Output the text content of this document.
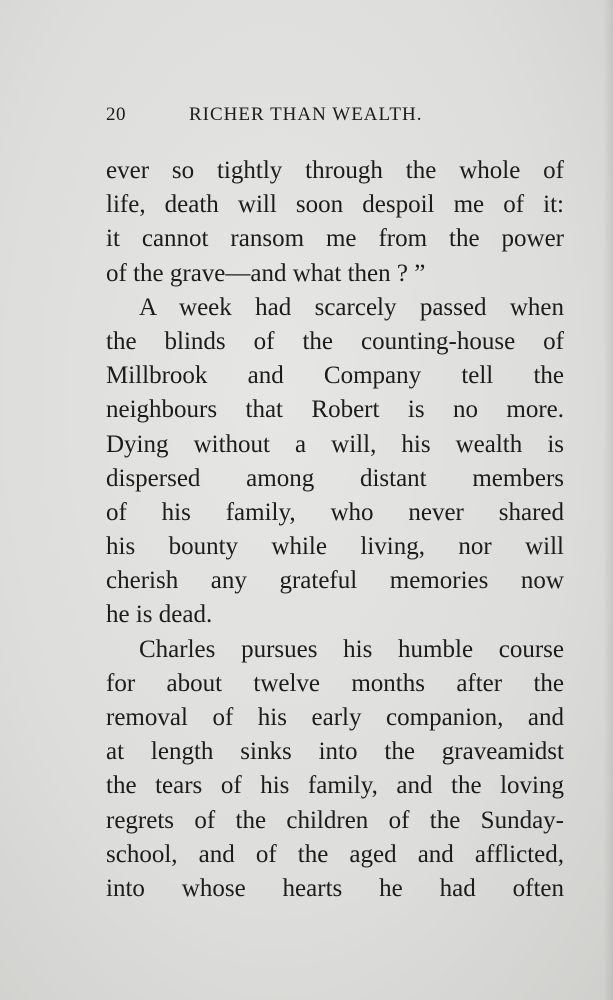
20	RICHER THAN WEALTH.
ever so tightly through the whole of
life, death will soon despoil me of it:
it cannot ransom me from the power
of the grave—and what then ? ”
A week had scarcely passed when
the blinds of the counting-house of
Millbrook and Company tell the
neighbours that Robert is no more.
Dying without a will, his wealth is
dispersed among distant members
of his family, who never shared
his bounty while living, nor will
cherish any grateful memories now
he is dead.
Charles pursues his humble course
for about twelve months after the
removal of his early companion, and
at length sinks into the graveamidst
the tears of his family, and the loving
regrets of the children of the Sunday-
school, and of the aged and afflicted,
into whose hearts he had often
